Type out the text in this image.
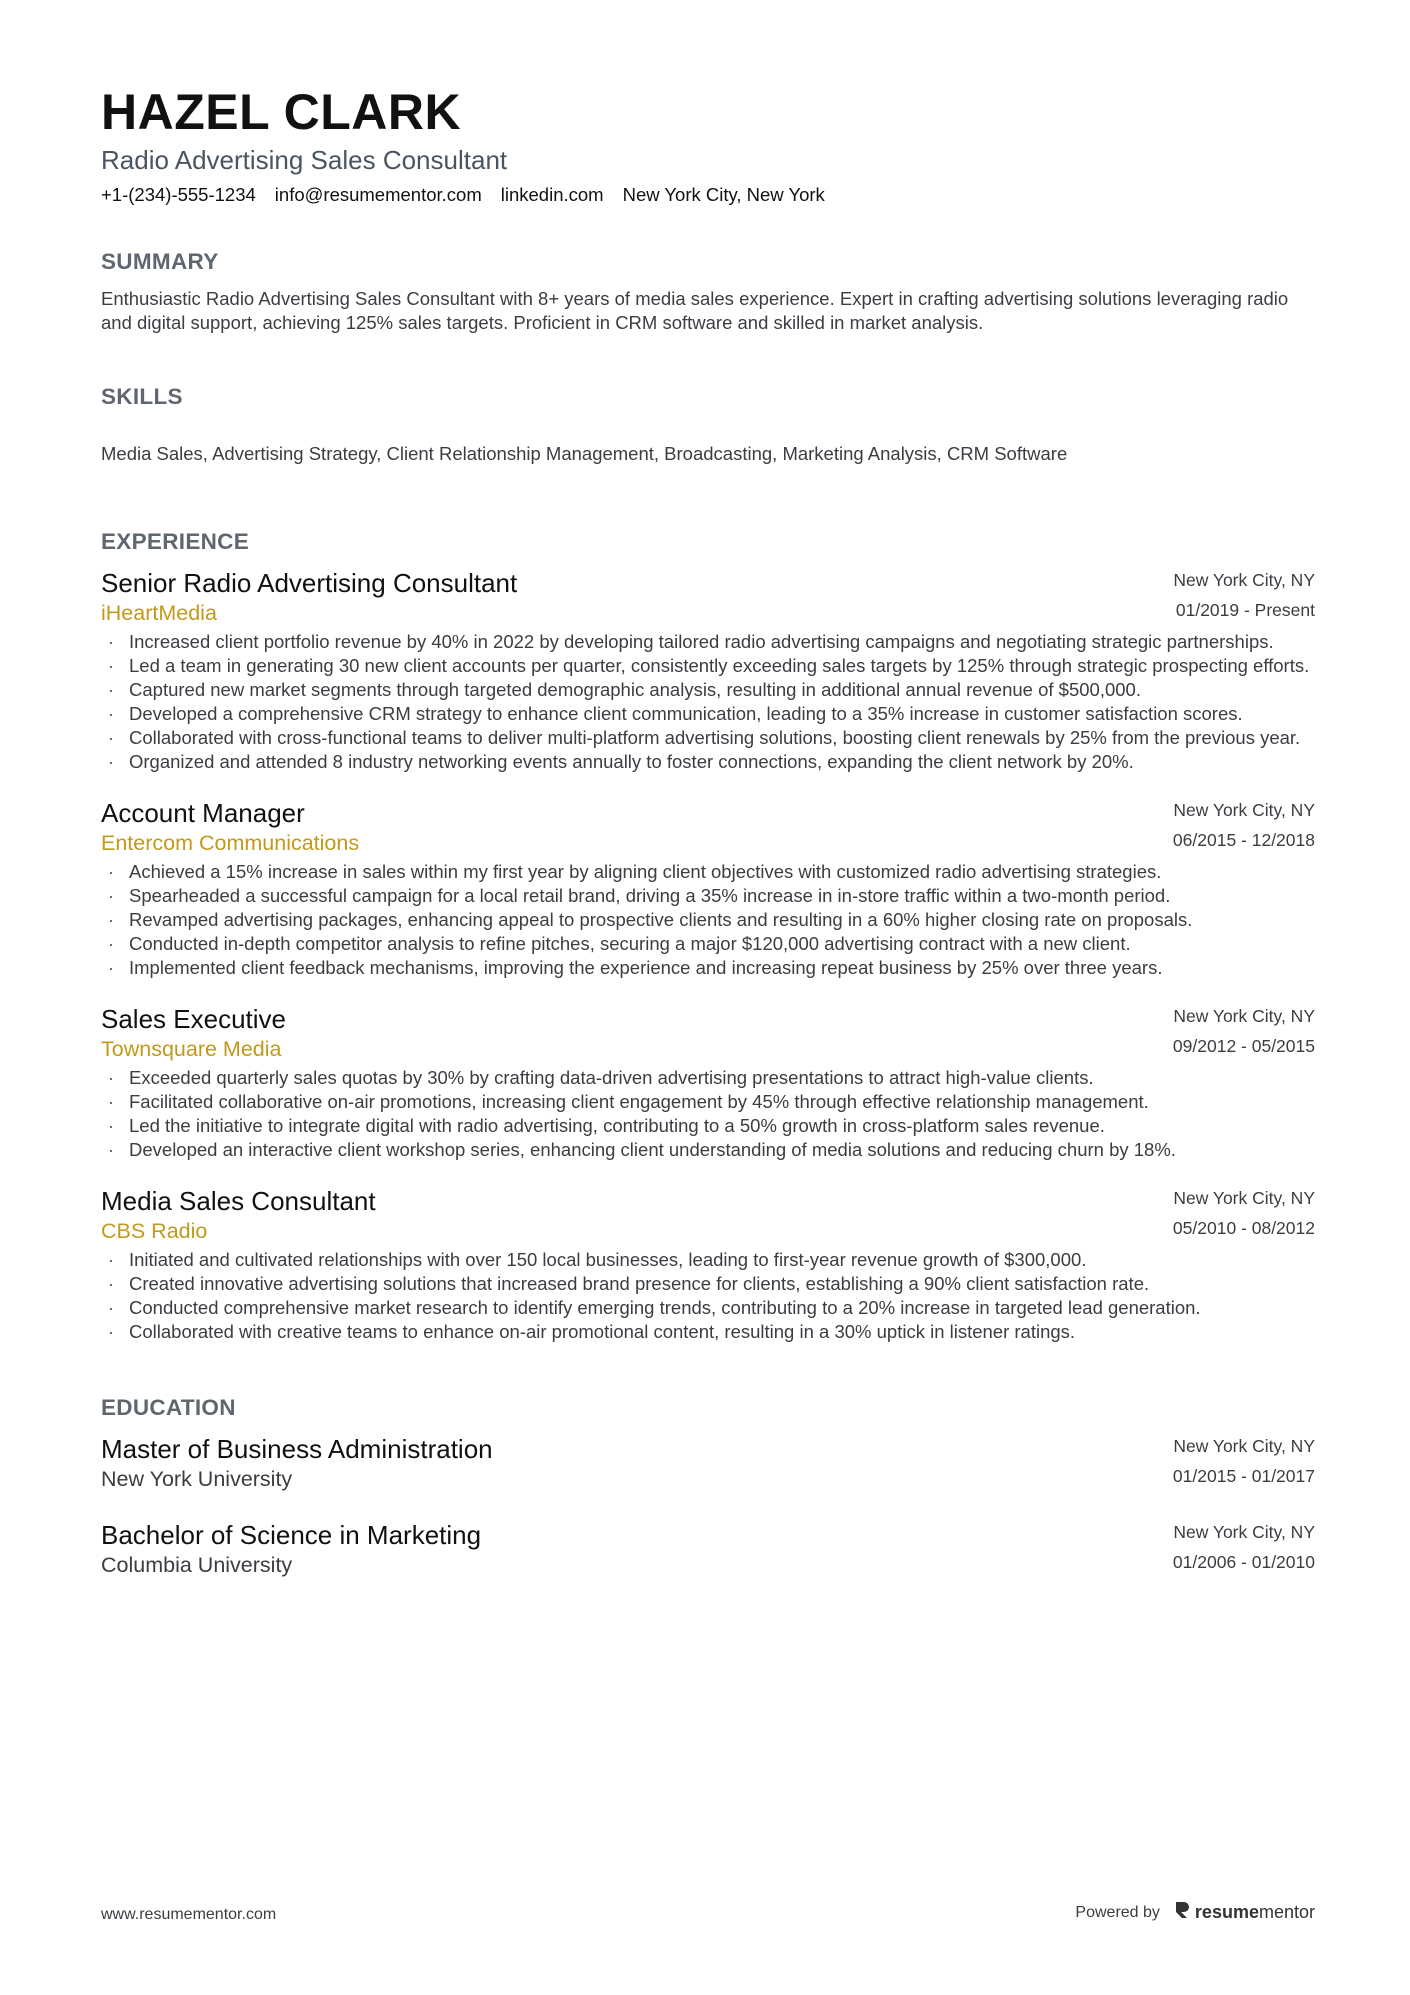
HAZEL CLARK
Radio Advertising Sales Consultant
+1-(234)-555-1234 info@resumementor.com linkedin.com New York City, New York
SUMMARY
Enthusiastic Radio Advertising Sales Consultant with 8+ years of media sales experience. Expert in crafting advertising solutions leveraging radio and digital support, achieving 125% sales targets. Proficient in CRM software and skilled in market analysis.
SKILLS
Media Sales, Advertising Strategy, Client Relationship Management, Broadcasting, Marketing Analysis, CRM Software
EXPERIENCE
Senior Radio Advertising Consultant
iHeartMedia
New York City, NY
01/2019 - Present
· Increased client portfolio revenue by 40% in 2022 by developing tailored radio advertising campaigns and negotiating strategic partnerships.
· Led a team in generating 30 new client accounts per quarter, consistently exceeding sales targets by 125% through strategic prospecting efforts.
· Captured new market segments through targeted demographic analysis, resulting in additional annual revenue of $500,000.
· Developed a comprehensive CRM strategy to enhance client communication, leading to a 35% increase in customer satisfaction scores.
· Collaborated with cross-functional teams to deliver multi-platform advertising solutions, boosting client renewals by 25% from the previous year.
· Organized and attended 8 industry networking events annually to foster connections, expanding the client network by 20%.
Account Manager
Entercom Communications
New York City, NY
06/2015 - 12/2018
· Achieved a 15% increase in sales within my first year by aligning client objectives with customized radio advertising strategies.
· Spearheaded a successful campaign for a local retail brand, driving a 35% increase in in-store traffic within a two-month period.
· Revamped advertising packages, enhancing appeal to prospective clients and resulting in a 60% higher closing rate on proposals.
· Conducted in-depth competitor analysis to refine pitches, securing a major $120,000 advertising contract with a new client.
· Implemented client feedback mechanisms, improving the experience and increasing repeat business by 25% over three years.
Sales Executive
Townsquare Media
New York City, NY
09/2012 - 05/2015
· Exceeded quarterly sales quotas by 30% by crafting data-driven advertising presentations to attract high-value clients.
· Facilitated collaborative on-air promotions, increasing client engagement by 45% through effective relationship management.
· Led the initiative to integrate digital with radio advertising, contributing to a 50% growth in cross-platform sales revenue.
· Developed an interactive client workshop series, enhancing client understanding of media solutions and reducing churn by 18%.
Media Sales Consultant
CBS Radio
New York City, NY
05/2010 - 08/2012
· Initiated and cultivated relationships with over 150 local businesses, leading to first-year revenue growth of $300,000.
· Created innovative advertising solutions that increased brand presence for clients, establishing a 90% client satisfaction rate.
· Conducted comprehensive market research to identify emerging trends, contributing to a 20% increase in targeted lead generation.
· Collaborated with creative teams to enhance on-air promotional content, resulting in a 30% uptick in listener ratings.
EDUCATION
Master of Business Administration
New York University
New York City, NY
01/2015 - 01/2017
Bachelor of Science in Marketing
Columbia University
New York City, NY
01/2006 - 01/2010
www.resumementor.com	Powered by resume mentor
